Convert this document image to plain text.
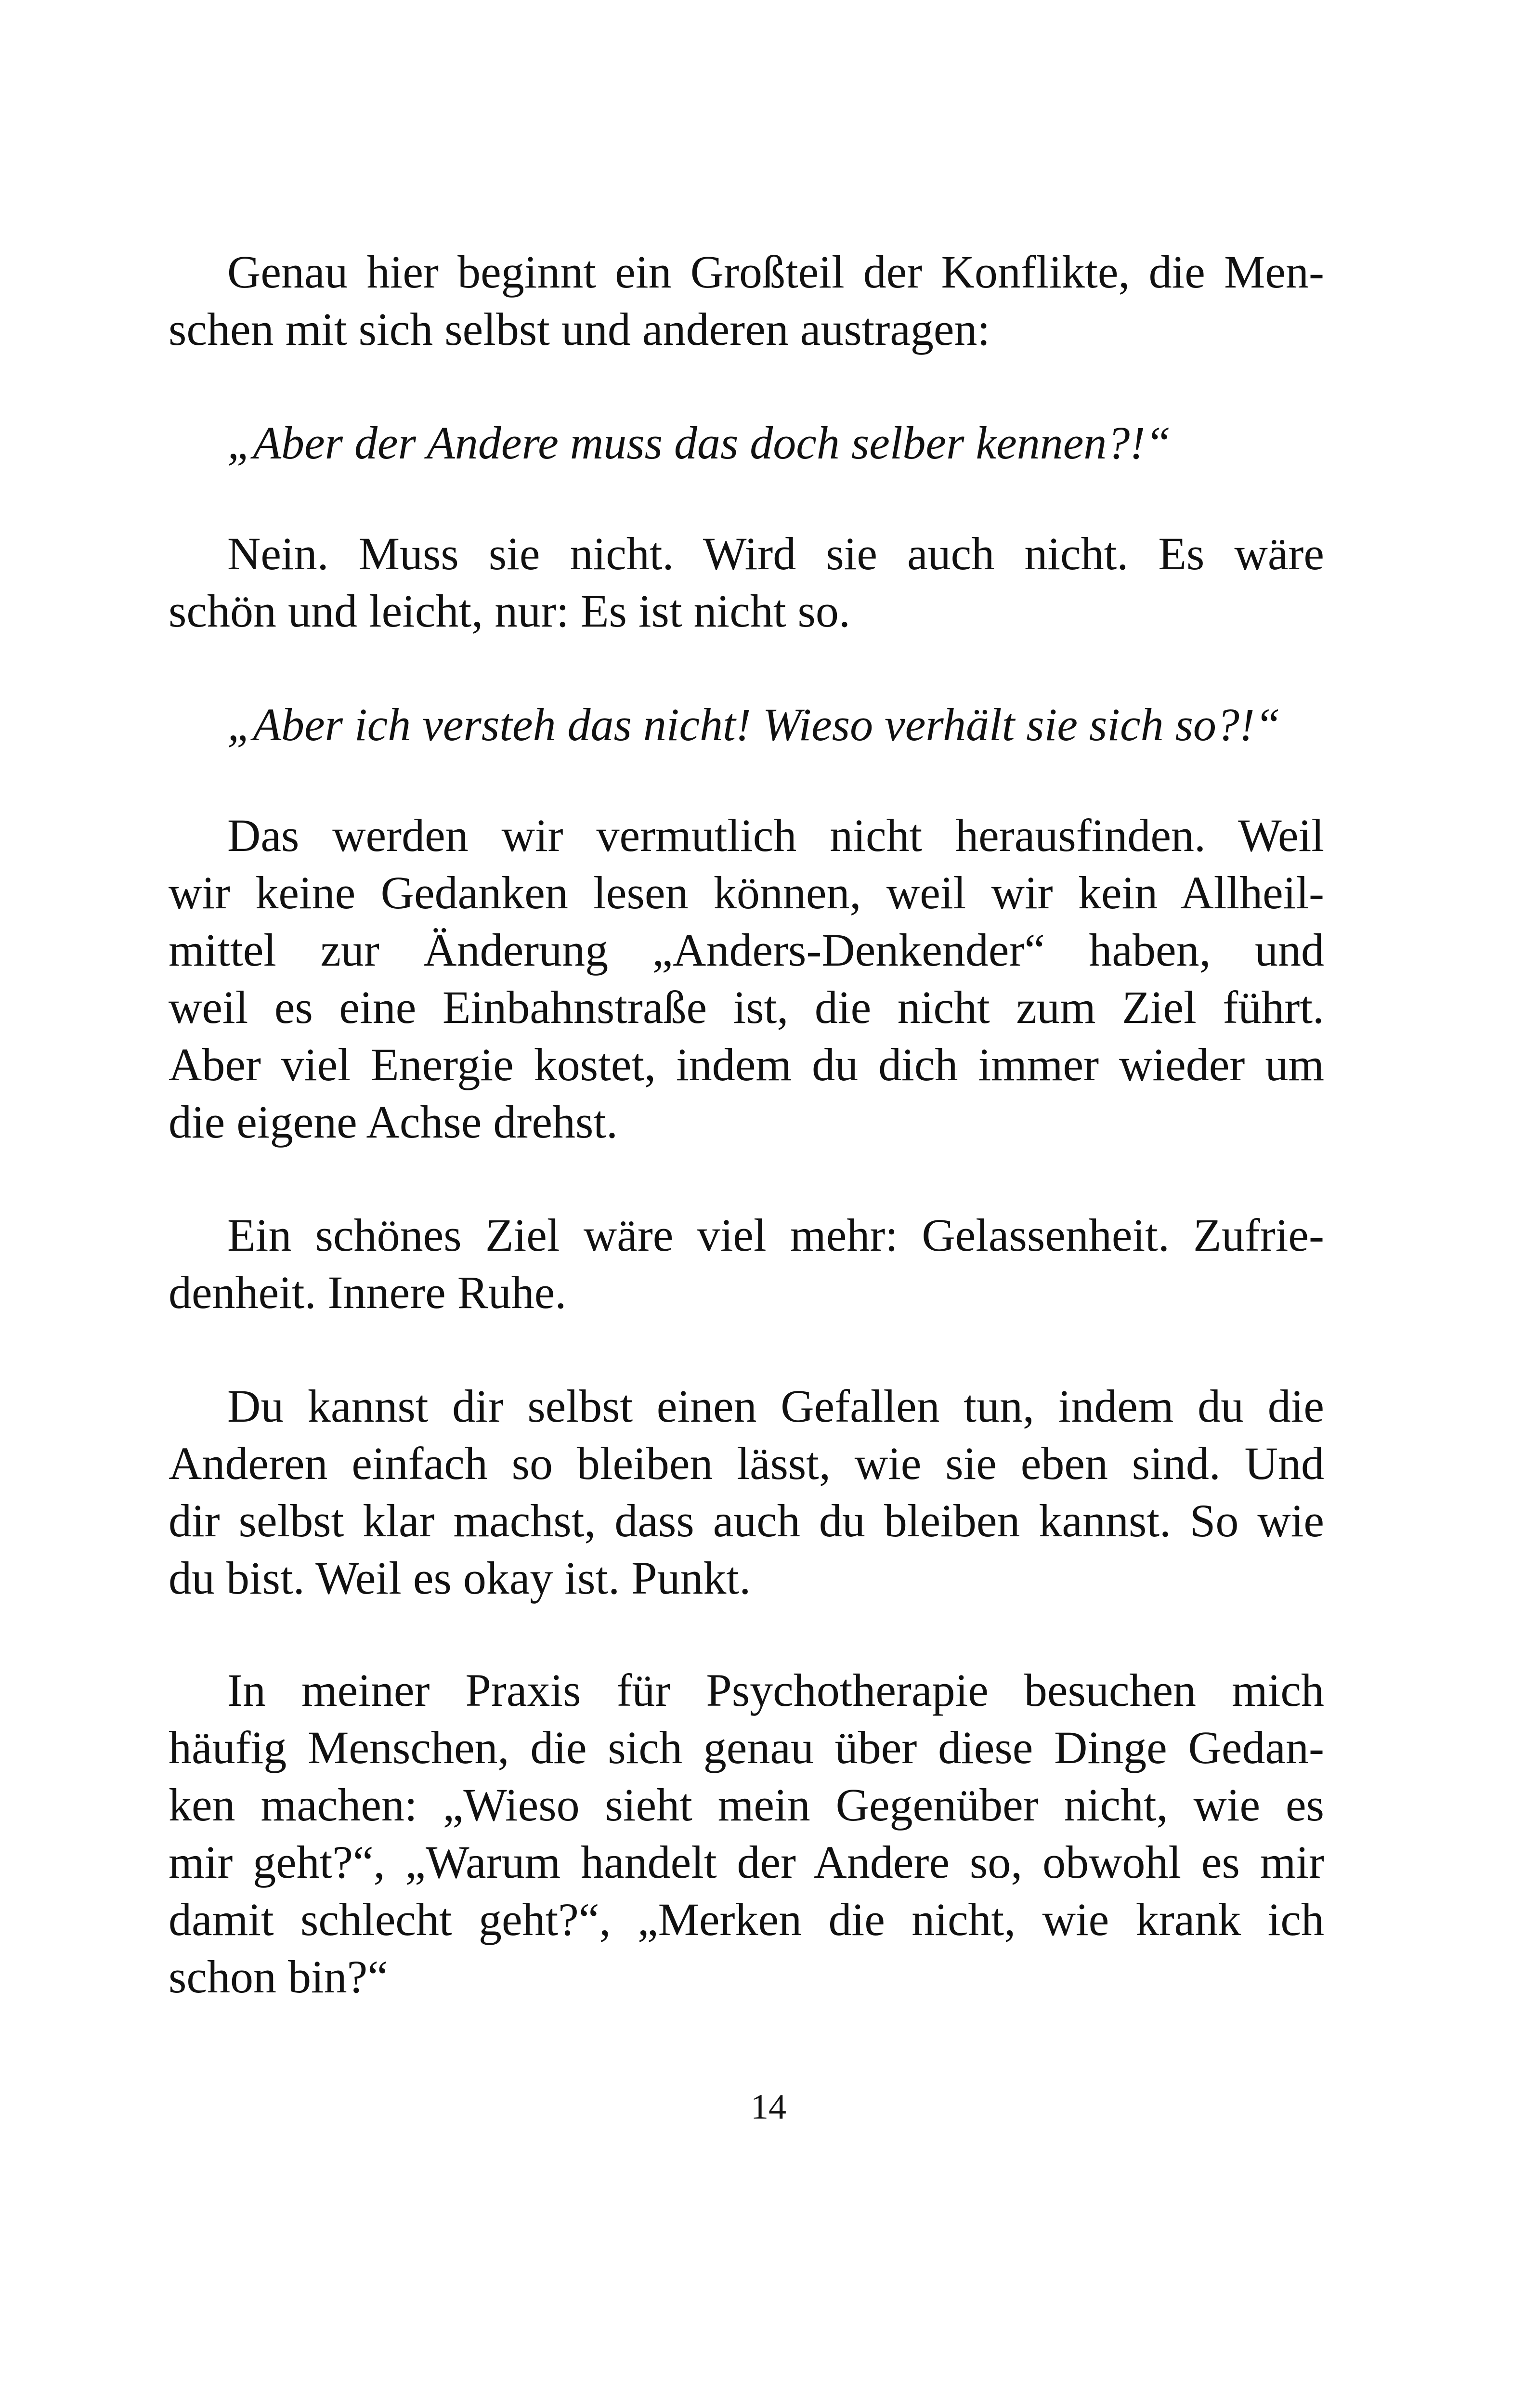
Genau hier beginnt ein Großteil der Konflikte, die Men-
schen mit sich selbst und anderen austragen:
„Aber der Andere muss das doch selber kennen?!“
Nein. Muss sie nicht. Wird sie auch nicht. Es wäre
schön und leicht, nur: Es ist nicht so.
„Aber ich versteh das nicht! Wieso verhält sie sich so?!“
Das werden wir vermutlich nicht herausfinden. Weil
wir keine Gedanken lesen können, weil wir kein Allheil-
mittel zur Änderung „Anders-Denkender“ haben, und
weil es eine Einbahnstraße ist, die nicht zum Ziel führt.
Aber viel Energie kostet, indem du dich immer wieder um
die eigene Achse drehst.
Ein schönes Ziel wäre viel mehr: Gelassenheit. Zufrie-
denheit. Innere Ruhe.
Du kannst dir selbst einen Gefallen tun, indem du die
Anderen einfach so bleiben lässt, wie sie eben sind. Und
dir selbst klar machst, dass auch du bleiben kannst. So wie
du bist. Weil es okay ist. Punkt.
In meiner Praxis für Psychotherapie besuchen mich
häufig Menschen, die sich genau über diese Dinge Gedan-
ken machen: „Wieso sieht mein Gegenüber nicht, wie es
mir geht?“, „Warum handelt der Andere so, obwohl es mir
damit schlecht geht?“, „Merken die nicht, wie krank ich
schon bin?“
14
